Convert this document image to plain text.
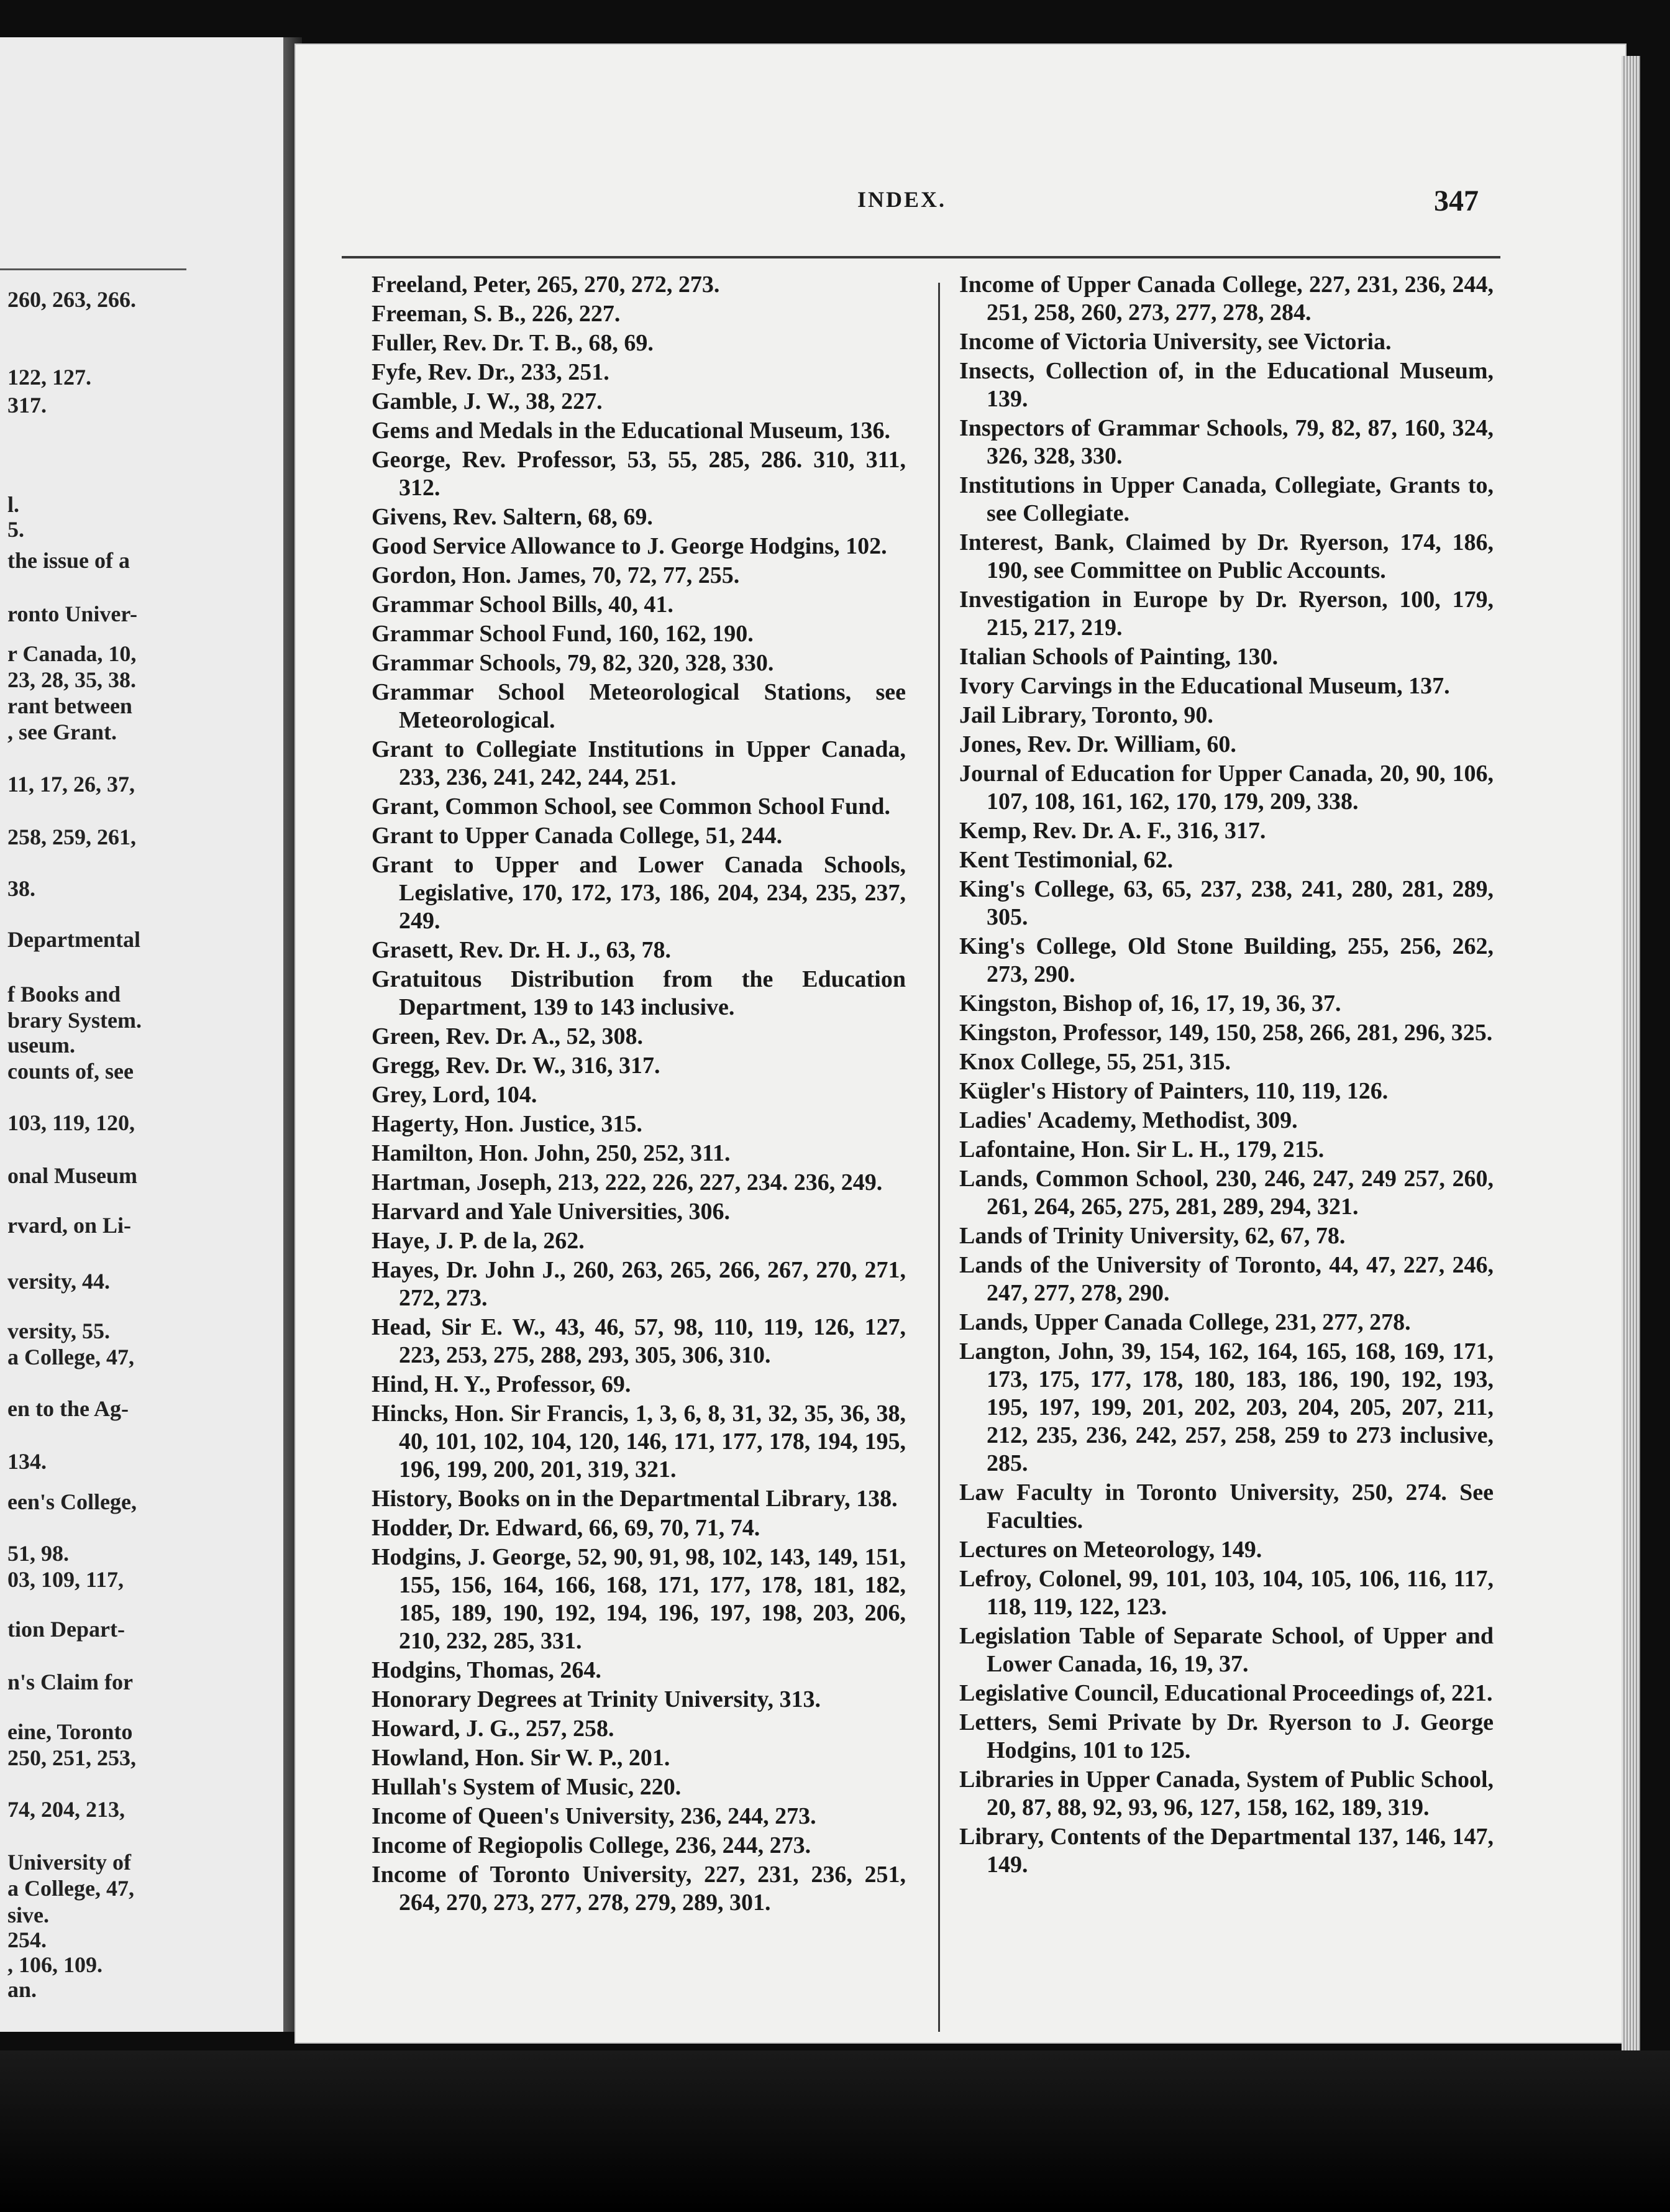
260, 263, 266.
122, 127.
317.
l.
5.
the issue of a
ronto Univer-
r Canada, 10,
23, 28, 35, 38.
rant between
, see Grant.
11, 17, 26, 37,
258, 259, 261,
38.
Departmental
f Books and
brary System.
useum.
counts of, see
103, 119, 120,
onal Museum
rvard, on Li-
versity, 44.
versity, 55.
a College, 47,
en to the Ag-
134.
een's College,
51, 98.
03, 109, 117,
tion Depart-
n's Claim for
eine, Toronto
250, 251, 253,
74, 204, 213,
University of
a College, 47,
sive.
254.
, 106, 109.
an.
INDEX.	347
Freeland, Peter, 265, 270, 272, 273.
Freeman, S. B., 226, 227.
Fuller, Rev. Dr. T. B., 68, 69.
Fyfe, Rev. Dr., 233, 251.
Gamble, J. W., 38, 227.
Gems and Medals in the Educational Museum, 136.
George, Rev. Professor, 53, 55, 285, 286. 310, 311, 312.
Givens, Rev. Saltern, 68, 69.
Good Service Allowance to J. George Hodgins, 102.
Gordon, Hon. James, 70, 72, 77, 255.
Grammar School Bills, 40, 41.
Grammar School Fund, 160, 162, 190.
Grammar Schools, 79, 82, 320, 328, 330.
Grammar School Meteorological Stations, see Meteorological.
Grant to Collegiate Institutions in Upper Canada, 233, 236, 241, 242, 244, 251.
Grant, Common School, see Common School Fund.
Grant to Upper Canada College, 51, 244.
Grant to Upper and Lower Canada Schools, Legislative, 170, 172, 173, 186, 204, 234, 235, 237, 249.
Grasett, Rev. Dr. H. J., 63, 78.
Gratuitous Distribution from the Education Department, 139 to 143 inclusive.
Green, Rev. Dr. A., 52, 308.
Gregg, Rev. Dr. W., 316, 317.
Grey, Lord, 104.
Hagerty, Hon. Justice, 315.
Hamilton, Hon. John, 250, 252, 311.
Hartman, Joseph, 213, 222, 226, 227, 234. 236, 249.
Harvard and Yale Universities, 306.
Haye, J. P. de la, 262.
Hayes, Dr. John J., 260, 263, 265, 266, 267, 270, 271, 272, 273.
Head, Sir E. W., 43, 46, 57, 98, 110, 119, 126, 127, 223, 253, 275, 288, 293, 305, 306, 310.
Hind, H. Y., Professor, 69.
Hincks, Hon. Sir Francis, 1, 3, 6, 8, 31, 32, 35, 36, 38, 40, 101, 102, 104, 120, 146, 171, 177, 178, 194, 195, 196, 199, 200, 201, 319, 321.
History, Books on in the Departmental Library, 138.
Hodder, Dr. Edward, 66, 69, 70, 71, 74.
Hodgins, J. George, 52, 90, 91, 98, 102, 143, 149, 151, 155, 156, 164, 166, 168, 171, 177, 178, 181, 182, 185, 189, 190, 192, 194, 196, 197, 198, 203, 206, 210, 232, 285, 331.
Hodgins, Thomas, 264.
Honorary Degrees at Trinity University, 313.
Howard, J. G., 257, 258.
Howland, Hon. Sir W. P., 201.
Hullah's System of Music, 220.
Income of Queen's University, 236, 244, 273.
Income of Regiopolis College, 236, 244, 273.
Income of Toronto University, 227, 231, 236, 251, 264, 270, 273, 277, 278, 279, 289, 301.
Income of Upper Canada College, 227, 231, 236, 244, 251, 258, 260, 273, 277, 278, 284.
Income of Victoria University, see Victoria.
Insects, Collection of, in the Educational Museum, 139.
Inspectors of Grammar Schools, 79, 82, 87, 160, 324, 326, 328, 330.
Institutions in Upper Canada, Collegiate, Grants to, see Collegiate.
Interest, Bank, Claimed by Dr. Ryerson, 174, 186, 190, see Committee on Public Accounts.
Investigation in Europe by Dr. Ryerson, 100, 179, 215, 217, 219.
Italian Schools of Painting, 130.
Ivory Carvings in the Educational Museum, 137.
Jail Library, Toronto, 90.
Jones, Rev. Dr. William, 60.
Journal of Education for Upper Canada, 20, 90, 106, 107, 108, 161, 162, 170, 179, 209, 338.
Kemp, Rev. Dr. A. F., 316, 317.
Kent Testimonial, 62.
King's College, 63, 65, 237, 238, 241, 280, 281, 289, 305.
King's College, Old Stone Building, 255, 256, 262, 273, 290.
Kingston, Bishop of, 16, 17, 19, 36, 37.
Kingston, Professor, 149, 150, 258, 266, 281, 296, 325.
Knox College, 55, 251, 315.
Kügler's History of Painters, 110, 119, 126.
Ladies' Academy, Methodist, 309.
Lafontaine, Hon. Sir L. H., 179, 215.
Lands, Common School, 230, 246, 247, 249 257, 260, 261, 264, 265, 275, 281, 289, 294, 321.
Lands of Trinity University, 62, 67, 78.
Lands of the University of Toronto, 44, 47, 227, 246, 247, 277, 278, 290.
Lands, Upper Canada College, 231, 277, 278.
Langton, John, 39, 154, 162, 164, 165, 168, 169, 171, 173, 175, 177, 178, 180, 183, 186, 190, 192, 193, 195, 197, 199, 201, 202, 203, 204, 205, 207, 211, 212, 235, 236, 242, 257, 258, 259 to 273 inclusive, 285.
Law Faculty in Toronto University, 250, 274. See Faculties.
Lectures on Meteorology, 149.
Lefroy, Colonel, 99, 101, 103, 104, 105, 106, 116, 117, 118, 119, 122, 123.
Legislation Table of Separate School, of Upper and Lower Canada, 16, 19, 37.
Legislative Council, Educational Proceedings of, 221.
Letters, Semi Private by Dr. Ryerson to J. George Hodgins, 101 to 125.
Libraries in Upper Canada, System of Public School, 20, 87, 88, 92, 93, 96, 127, 158, 162, 189, 319.
Library, Contents of the Departmental 137, 146, 147, 149.
